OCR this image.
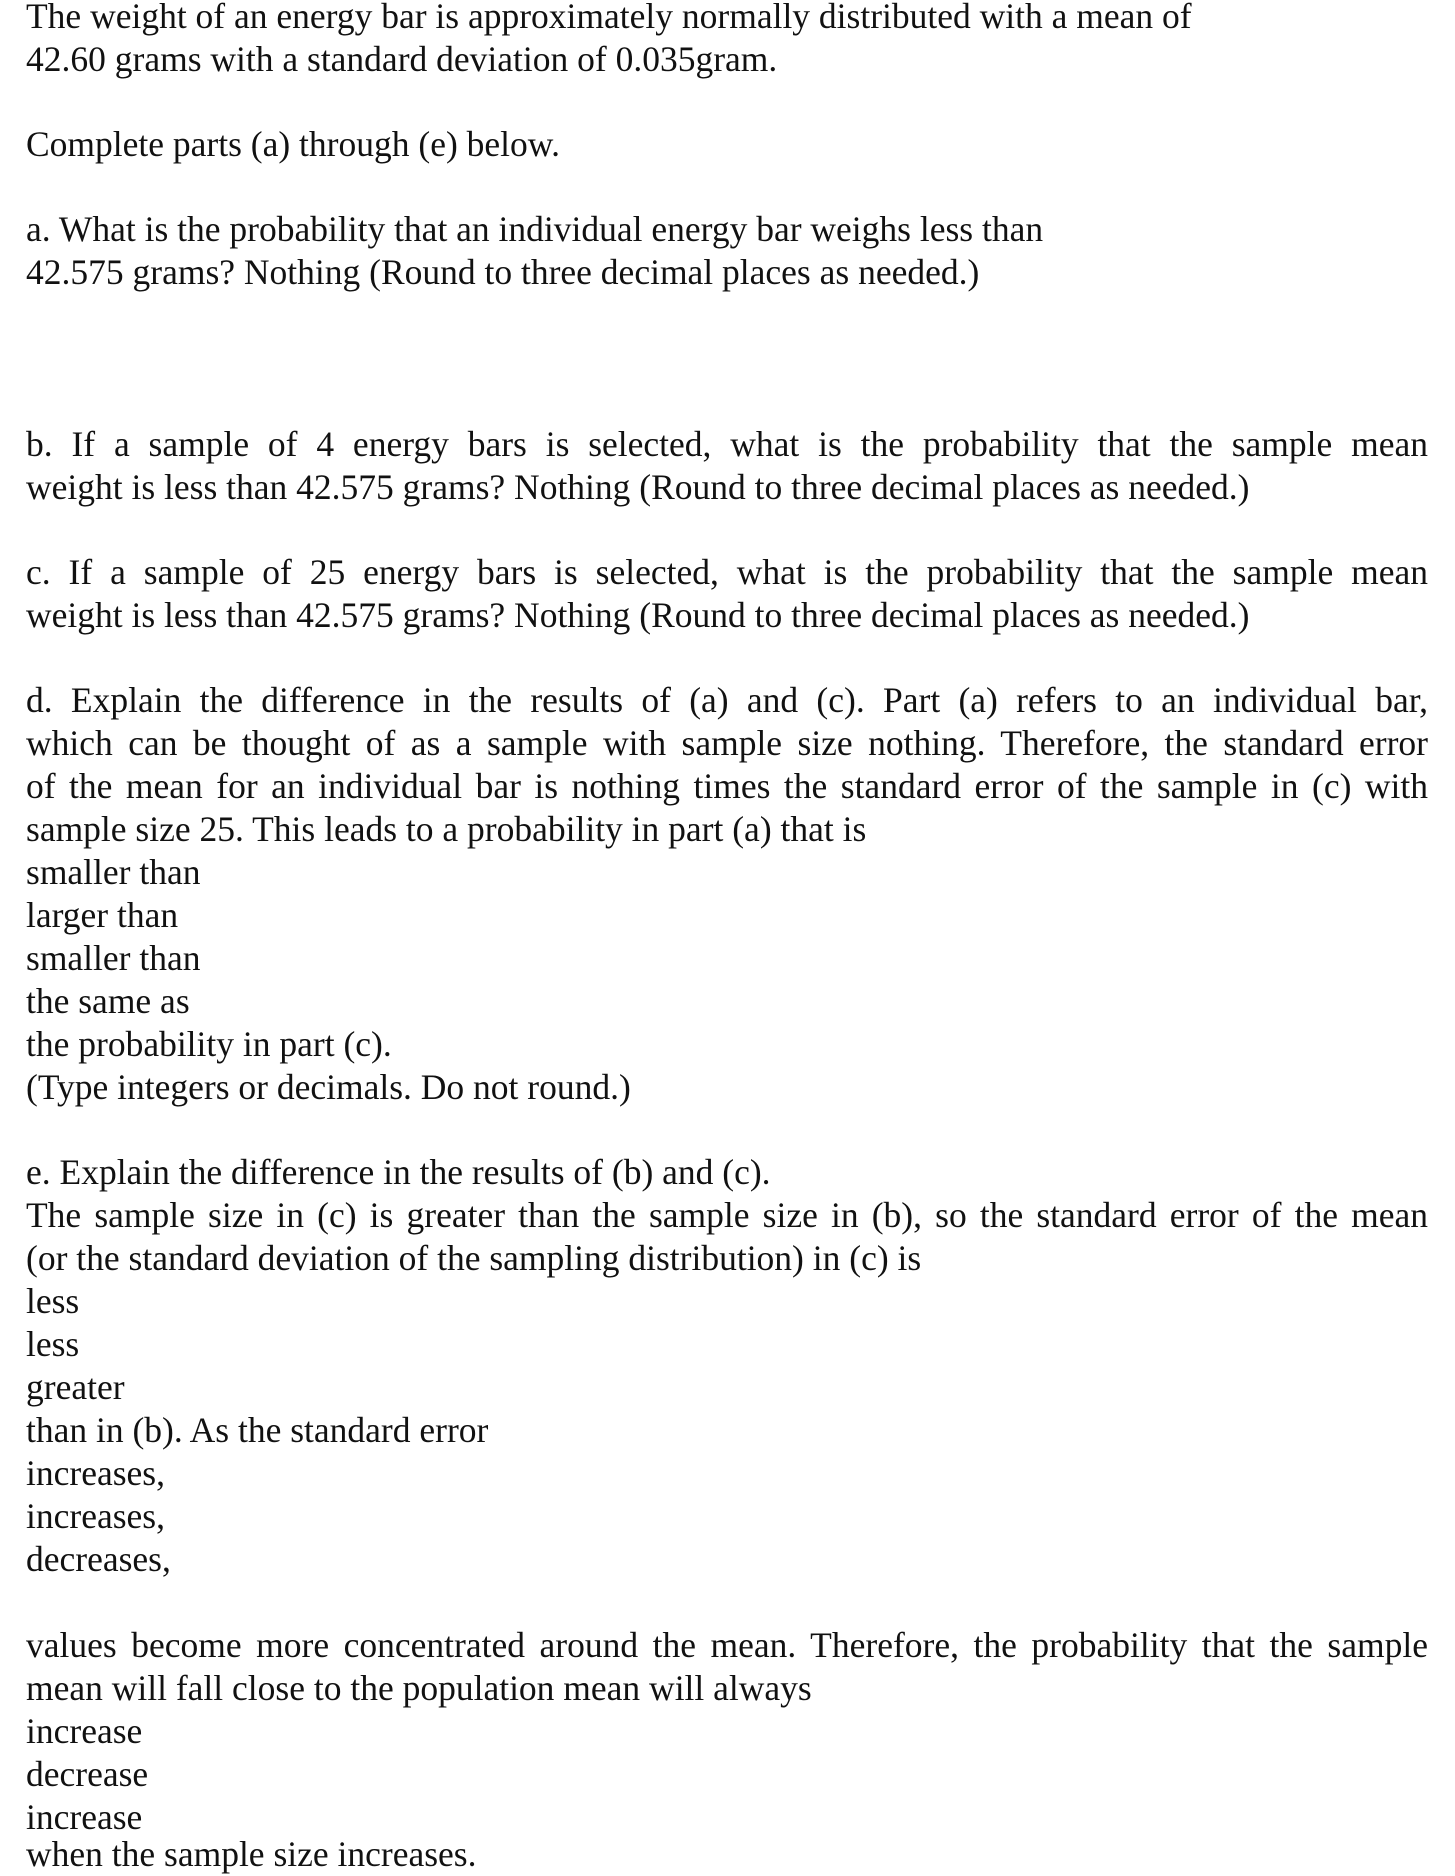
The weight of an energy bar is approximately normally distributed with a mean of
42.60 grams with a standard deviation of 0.035gram.
Complete parts (a) through (e) below.
a. What is the probability that an individual energy bar weighs less than
42.575 grams? Nothing (Round to three decimal places as needed.)
b. If a sample of 4 energy bars is selected, what is the probability that the sample mean
weight is less than 42.575 grams? Nothing (Round to three decimal places as needed.)
c. If a sample of 25 energy bars is selected, what is the probability that the sample mean
weight is less than 42.575 grams? Nothing (Round to three decimal places as needed.)
d. Explain the difference in the results of (a) and (c). Part (a) refers to an individual bar,
which can be thought of as a sample with sample size nothing. Therefore, the standard error
of the mean for an individual bar is nothing times the standard error of the sample in (c) with
sample size 25. This leads to a probability in part (a) that is
smaller than
larger than
smaller than
the same as
the probability in part (c).
(Type integers or decimals. Do not round.)
e. Explain the difference in the results of (b) and (c).
The sample size in (c) is greater than the sample size in (b), so the standard error of the mean
(or the standard deviation of the sampling distribution) in (c) is
less
less
greater
than in (b). As the standard error
increases,
increases,
decreases,
values become more concentrated around the mean. Therefore, the probability that the sample
mean will fall close to the population mean will always
increase
decrease
increase
when the sample size increases.
